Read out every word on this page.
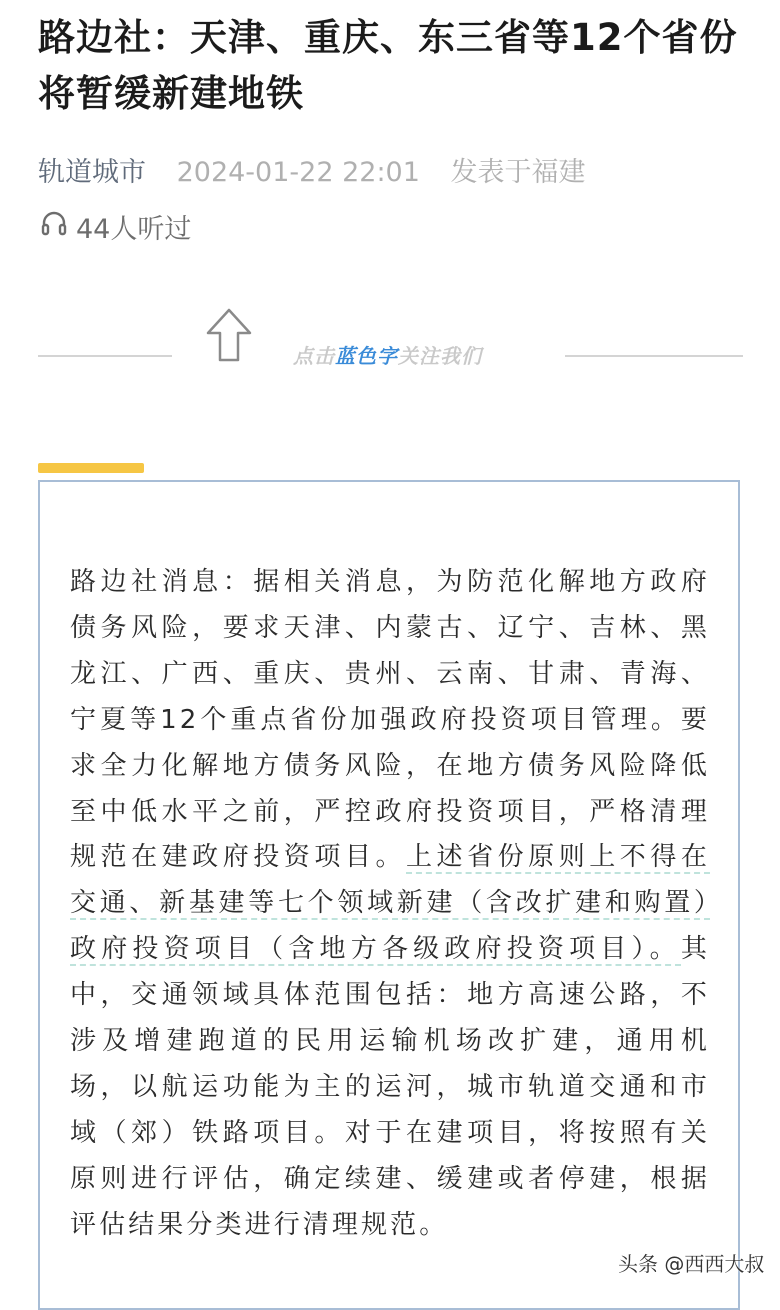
路边社：天津、重庆、东三省等12个省份将暂缓新建地铁
轨道城市 2024-01-22 22:01 发表于福建
44人听过
点击蓝色字关注我们

路边社消息：据相关消息，为防范化解地方政府债务风险，要求天津、内蒙古、辽宁、吉林、黑龙江、广西、重庆、贵州、云南、甘肃、青海、宁夏等12个重点省份加强政府投资项目管理。要求全力化解地方债务风险，在地方债务风险降低至中低水平之前，严控政府投资项目，严格清理规范在建政府投资项目。上述省份原则上不得在交通、新基建等七个领域新建（含改扩建和购置）政府投资项目（含地方各级政府投资项目）。其中，交通领域具体范围包括：地方高速公路，不涉及增建跑道的民用运输机场改扩建，通用机场，以航运功能为主的运河，城市轨道交通和市域（郊）铁路项目。对于在建项目，将按照有关原则进行评估，确定续建、缓建或者停建，根据评估结果分类进行清理规范。

头条 @西西大叔
